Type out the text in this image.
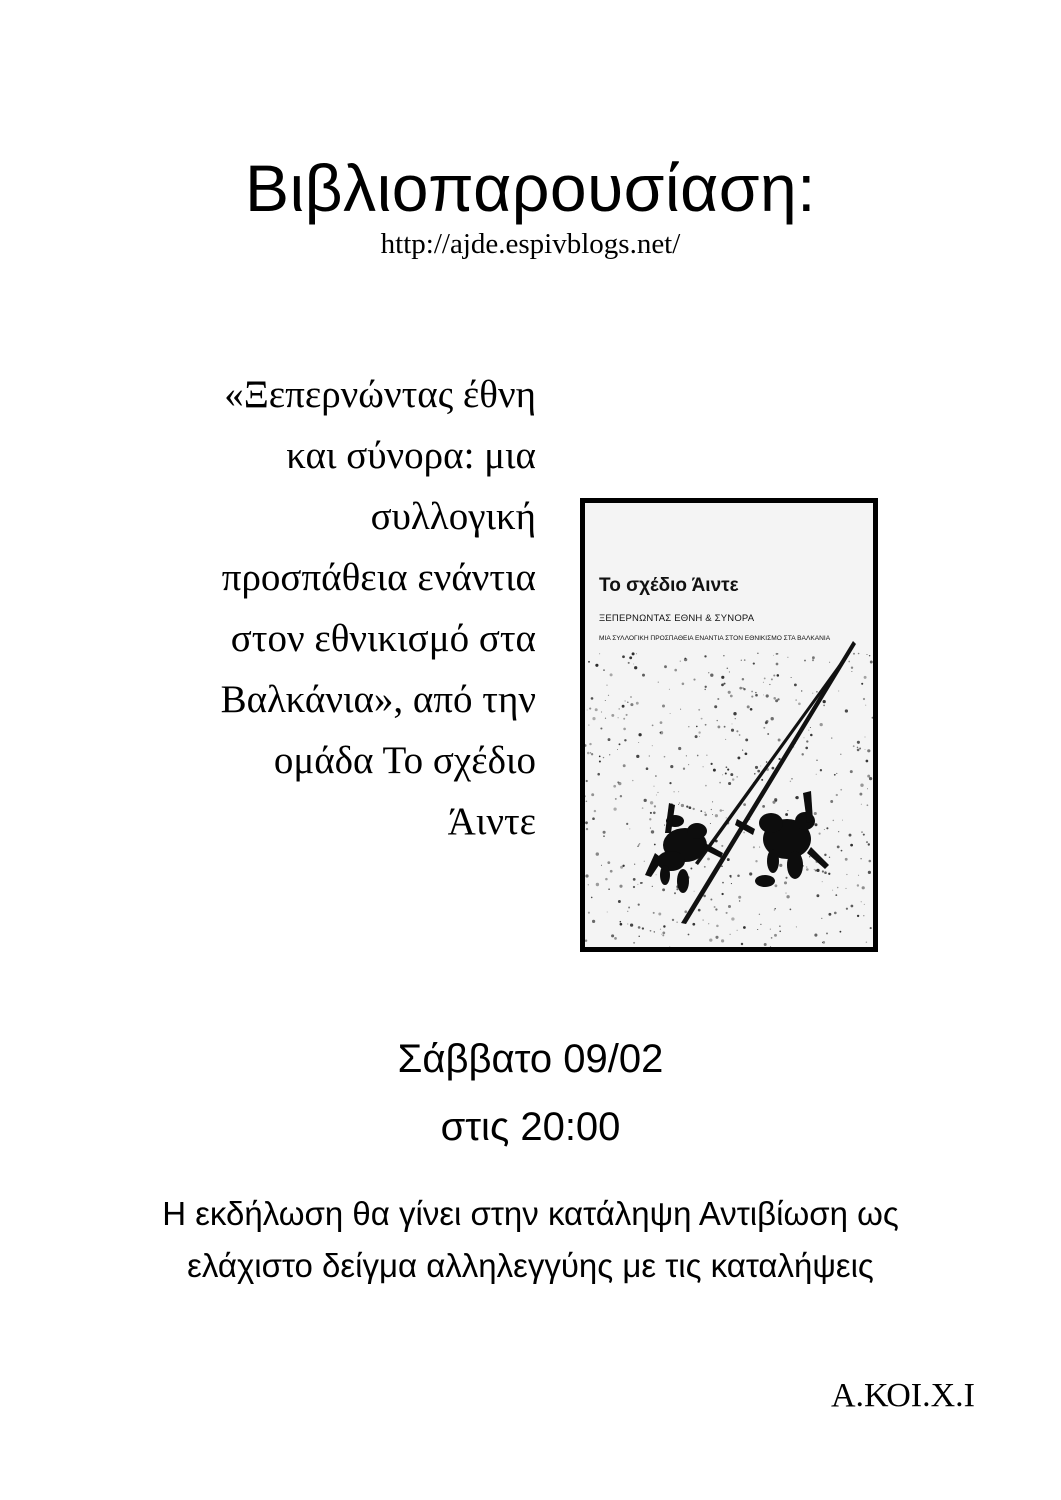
Βιβλιοπαρουσίαση:
http://ajde.espivblogs.net/
«Ξεπερνώντας έθνη
και σύνορα: μια
συλλογική
προσπάθεια ενάντια
στον εθνικισμό στα
Βαλκάνια», από την
ομάδα Το σχέδιο
Άιντε
Το σχέδιο Άιντε
ΞΕΠΕΡΝΩΝΤΑΣ ΕΘΝΗ & ΣΥΝΟΡΑ
ΜΙΑ ΣΥΛΛΟΓΙΚΗ ΠΡΟΣΠΑΘΕΙΑ ΕΝΑΝΤΙΑ ΣΤΟΝ ΕΘΝΙΚΙΣΜΟ ΣΤΑ ΒΑΛΚΑΝΙΑ
Σάββατο 09/02
στις 20:00
Η εκδήλωση θα γίνει στην κατάληψη Αντιβίωση ως
ελάχιστο δείγμα αλληλεγγύης με τις καταλήψεις
Α.ΚΟΙ.Χ.Ι
